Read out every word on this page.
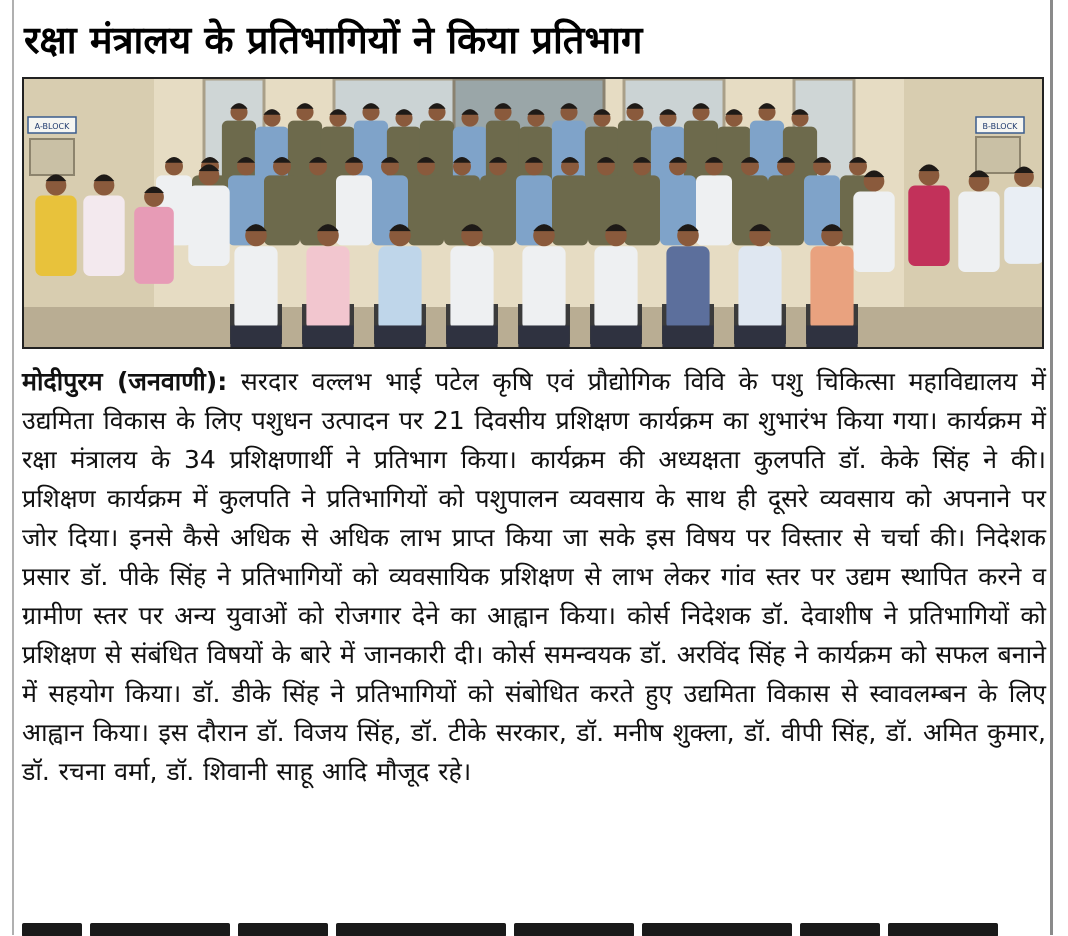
रक्षा मंत्रालय के प्रतिभागियों ने किया प्रतिभाग
A-BLOCK	B-BLOCK
मोदीपुरम (जनवाणी): सरदार वल्लभ भाई पटेल कृषि एवं प्रौद्योगिक विवि के पशु चिकित्सा महाविद्यालय में उद्यमिता विकास के लिए पशुधन उत्पादन पर 21 दिवसीय प्रशिक्षण कार्यक्रम का शुभारंभ किया गया। कार्यक्रम में रक्षा मंत्रालय के 34 प्रशिक्षणार्थी ने प्रतिभाग किया। कार्यक्रम की अध्यक्षता कुलपति डॉ. केके सिंह ने की। प्रशिक्षण कार्यक्रम में कुलपति ने प्रतिभागियों को पशुपालन व्यवसाय के साथ ही दूसरे व्यवसाय को अपनाने पर जोर दिया। इनसे कैसे अधिक से अधिक लाभ प्राप्त किया जा सके इस विषय पर विस्तार से चर्चा की। निदेशक प्रसार डॉ. पीके सिंह ने प्रतिभागियों को व्यवसायिक प्रशिक्षण से लाभ लेकर गांव स्तर पर उद्यम स्थापित करने व ग्रामीण स्तर पर अन्य युवाओं को रोजगार देने का आह्वान किया। कोर्स निदेशक डॉ. देवाशीष ने प्रतिभागियों को प्रशिक्षण से संबंधित विषयों के बारे में जानकारी दी। कोर्स समन्वयक डॉ. अरविंद सिंह ने कार्यक्रम को सफल बनाने में सहयोग किया। डॉ. डीके सिंह ने प्रतिभागियों को संबोधित करते हुए उद्यमिता विकास से स्वावलम्बन के लिए आह्वान किया। इस दौरान डॉ. विजय सिंह, डॉ. टीके सरकार, डॉ. मनीष शुक्ला, डॉ. वीपी सिंह, डॉ. अमित कुमार, डॉ. रचना वर्मा, डॉ. शिवानी साहू आदि मौजूद रहे।
